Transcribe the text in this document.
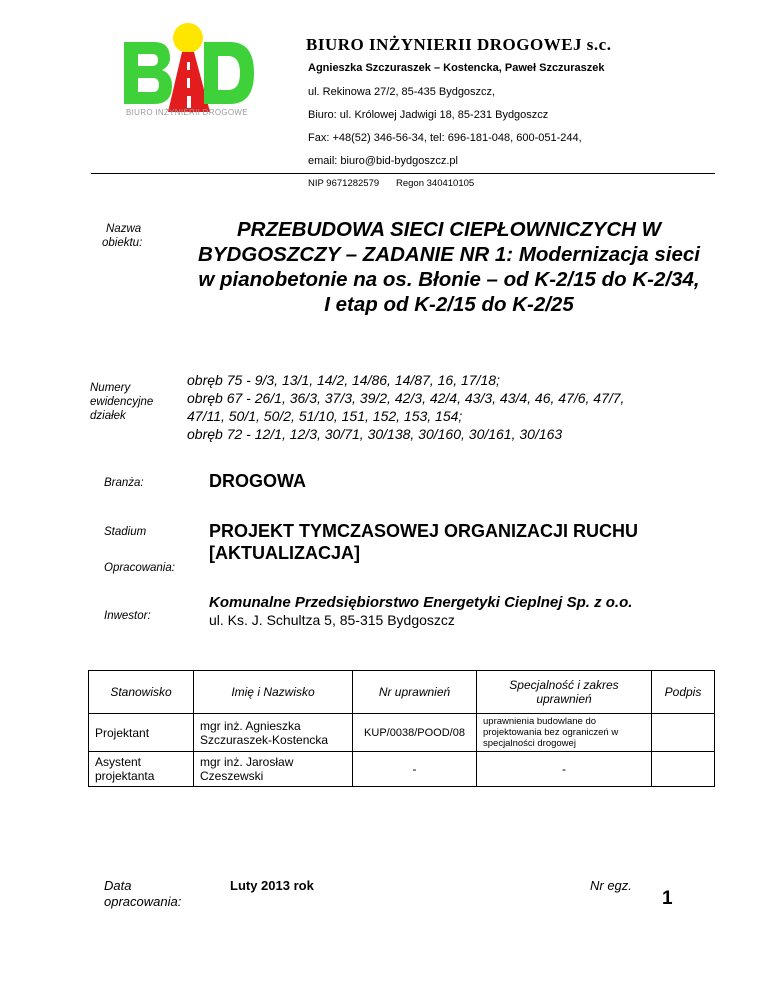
BIURO INŻYNIERII DROGOWE
BIURO INŻYNIERII DROGOWEJ s.c.
Agnieszka Szczuraszek – Kostencka, Paweł Szczuraszek
ul. Rekinowa 27/2, 85-435 Bydgoszcz,
Biuro: ul. Królowej Jadwigi 18, 85-231 Bydgoszcz
Fax: +48(52) 346-56-34, tel: 696-181-048, 600-051-244,
email: biuro@bid-bydgoszcz.pl
NIP 9671282579 Regon 340410105
Nazwa
obiektu:
PRZEBUDOWA SIECI CIEPŁOWNICZYCH W
BYDGOSZCZY – ZADANIE NR 1: Modernizacja sieci
w pianobetonie na os. Błonie – od K-2/15 do K-2/34,
I etap od K-2/15 do K-2/25
Numery
ewidencyjne
działek
obręb 75 - 9/3, 13/1, 14/2, 14/86, 14/87, 16, 17/18;
obręb 67 - 26/1, 36/3, 37/3, 39/2, 42/3, 42/4, 43/3, 43/4, 46, 47/6, 47/7,
47/11, 50/1, 50/2, 51/10, 151, 152, 153, 154;
obręb 72 - 12/1, 12/3, 30/71, 30/138, 30/160, 30/161, 30/163
Branża:	DROGOWA
Stadium
Opracowania:
PROJEKT TYMCZASOWEJ ORGANIZACJI RUCHU
[AKTUALIZACJA]
Inwestor:
Komunalne Przedsiębiorstwo Energetyki Cieplnej Sp. z o.o.
ul. Ks. J. Schultza 5, 85-315 Bydgoszcz
Stanowisko	Imię i Nazwisko	Nr uprawnień	Specjalność i zakres uprawnień	Podpis
Projektant	mgr inż. Agnieszka Szczuraszek-Kostencka	KUP/0038/POOD/08	uprawnienia budowlane do projektowania bez ograniczeń w specjalności drogowej	
Asystent projektanta	mgr inż. Jarosław Czeszewski	-	-	
Data
opracowania:
Luty 2013 rok	Nr egz.
1
